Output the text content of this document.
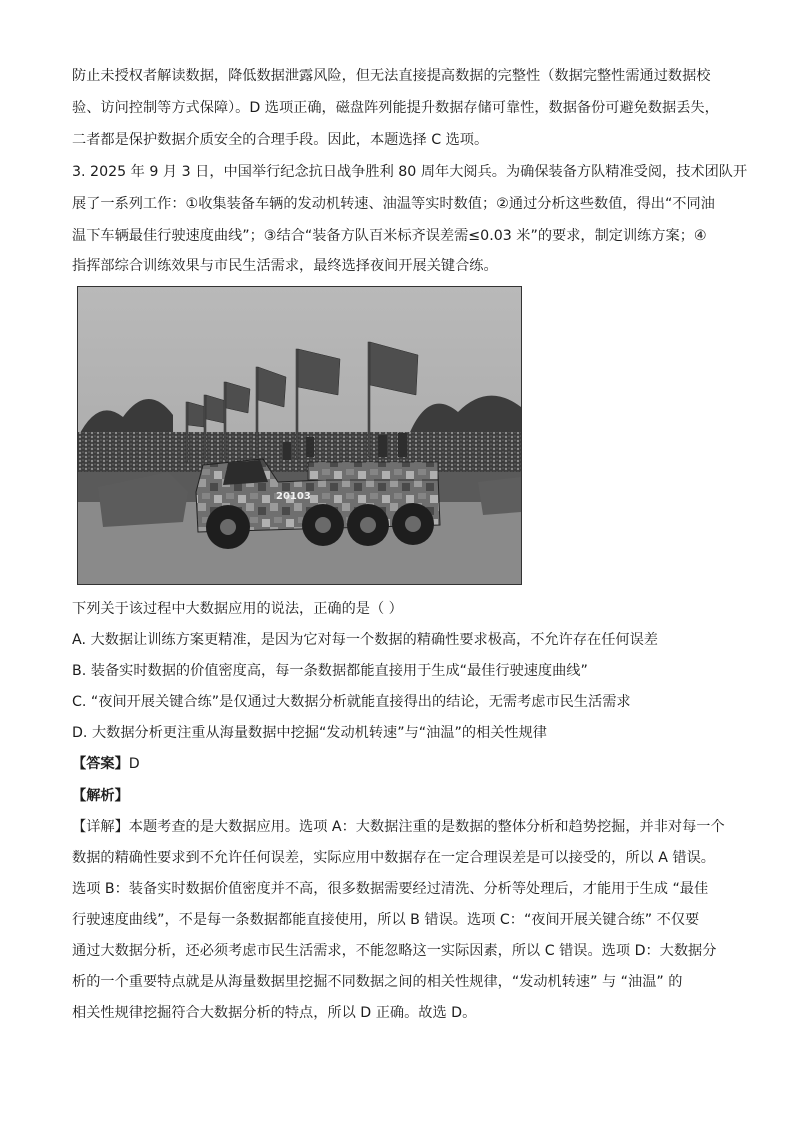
防止未授权者解读数据，降低数据泄露风险，但无法直接提高数据的完整性（数据完整性需通过数据校
验、访问控制等方式保障）。D 选项正确，磁盘阵列能提升数据存储可靠性，数据备份可避免数据丢失，
二者都是保护数据介质安全的合理手段。因此，本题选择 C 选项。
3. 2025 年 9 月 3 日，中国举行纪念抗日战争胜利 80 周年大阅兵。为确保装备方队精准受阅，技术团队开
展了一系列工作：①收集装备车辆的发动机转速、油温等实时数值；②通过分析这些数值，得出“不同油
温下车辆最佳行驶速度曲线”；③结合“装备方队百米标齐误差需≤0.03 米”的要求，制定训练方案；④
指挥部综合训练效果与市民生活需求，最终选择夜间开展关键合练。
20103
下列关于该过程中大数据应用的说法，正确的是（ ）
A. 大数据让训练方案更精准，是因为它对每一个数据的精确性要求极高，不允许存在任何误差
B. 装备实时数据的价值密度高，每一条数据都能直接用于生成“最佳行驶速度曲线”
C. “夜间开展关键合练”是仅通过大数据分析就能直接得出的结论，无需考虑市民生活需求
D. 大数据分析更注重从海量数据中挖掘“发动机转速”与“油温”的相关性规律
【答案】D
【解析】
【详解】本题考查的是大数据应用。选项 A：大数据注重的是数据的整体分析和趋势挖掘，并非对每一个
数据的精确性要求到不允许任何误差，实际应用中数据存在一定合理误差是可以接受的，所以 A 错误。
选项 B：装备实时数据价值密度并不高，很多数据需要经过清洗、分析等处理后，才能用于生成 “最佳
行驶速度曲线”，不是每一条数据都能直接使用，所以 B 错误。选项 C：“夜间开展关键合练” 不仅要
通过大数据分析，还必须考虑市民生活需求，不能忽略这一实际因素，所以 C 错误。选项 D：大数据分
析的一个重要特点就是从海量数据里挖掘不同数据之间的相关性规律，“发动机转速” 与 “油温” 的
相关性规律挖掘符合大数据分析的特点，所以 D 正确。故选 D。
